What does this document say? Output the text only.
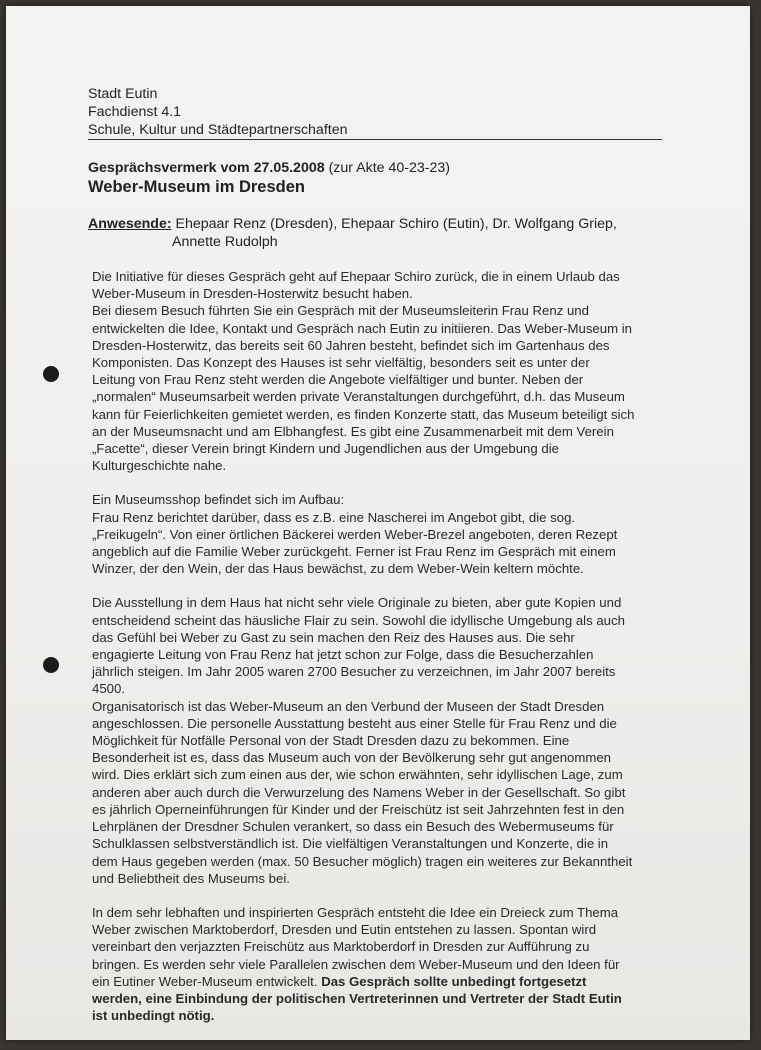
Stadt Eutin
Fachdienst 4.1
Schule, Kultur und Städtepartnerschaften
Gesprächsvermerk vom 27.05.2008 (zur Akte 40-23-23)
Weber-Museum im Dresden
Anwesende: Ehepaar Renz (Dresden), Ehepaar Schiro (Eutin), Dr. Wolfgang Griep,
Annette Rudolph

Die Initiative für dieses Gespräch geht auf Ehepaar Schiro zurück, die in einem Urlaub das

Weber-Museum in Dresden-Hosterwitz besucht haben.

Bei diesem Besuch führten Sie ein Gespräch mit der Museumsleiterin Frau Renz und

entwickelten die Idee, Kontakt und Gespräch nach Eutin zu initiieren. Das Weber-Museum in

Dresden-Hosterwitz, das bereits seit 60 Jahren besteht, befindet sich im Gartenhaus des

Komponisten. Das Konzept des Hauses ist sehr vielfältig, besonders seit es unter der

Leitung von Frau Renz steht werden die Angebote vielfältiger und bunter. Neben der

„normalen“ Museumsarbeit werden private Veranstaltungen durchgeführt, d.h. das Museum

kann für Feierlichkeiten gemietet werden, es finden Konzerte statt, das Museum beteiligt sich

an der Museumsnacht und am Elbhangfest. Es gibt eine Zusammenarbeit mit dem Verein

„Facette“, dieser Verein bringt Kindern und Jugendlichen aus der Umgebung die

Kulturgeschichte nahe.

Ein Museumsshop befindet sich im Aufbau:

Frau Renz berichtet darüber, dass es z.B. eine Nascherei im Angebot gibt, die sog.

„Freikugeln“. Von einer örtlichen Bäckerei werden Weber-Brezel angeboten, deren Rezept

angeblich auf die Familie Weber zurückgeht. Ferner ist Frau Renz im Gespräch mit einem

Winzer, der den Wein, der das Haus bewächst, zu dem Weber-Wein keltern möchte.

Die Ausstellung in dem Haus hat nicht sehr viele Originale zu bieten, aber gute Kopien und

entscheidend scheint das häusliche Flair zu sein. Sowohl die idyllische Umgebung als auch

das Gefühl bei Weber zu Gast zu sein machen den Reiz des Hauses aus. Die sehr

engagierte Leitung von Frau Renz hat jetzt schon zur Folge, dass die Besucherzahlen

jährlich steigen. Im Jahr 2005 waren 2700 Besucher zu verzeichnen, im Jahr 2007 bereits

4500.

Organisatorisch ist das Weber-Museum an den Verbund der Museen der Stadt Dresden

angeschlossen. Die personelle Ausstattung besteht aus einer Stelle für Frau Renz und die

Möglichkeit für Notfälle Personal von der Stadt Dresden dazu zu bekommen. Eine

Besonderheit ist es, dass das Museum auch von der Bevölkerung sehr gut angenommen

wird. Dies erklärt sich zum einen aus der, wie schon erwähnten, sehr idyllischen Lage, zum

anderen aber auch durch die Verwurzelung des Namens Weber in der Gesellschaft. So gibt

es jährlich Operneinführungen für Kinder und der Freischütz ist seit Jahrzehnten fest in den

Lehrplänen der Dresdner Schulen verankert, so dass ein Besuch des Webermuseums für

Schulklassen selbstverständlich ist. Die vielfältigen Veranstaltungen und Konzerte, die in

dem Haus gegeben werden (max. 50 Besucher möglich) tragen ein weiteres zur Bekanntheit

und Beliebtheit des Museums bei.

In dem sehr lebhaften und inspirierten Gespräch entsteht die Idee ein Dreieck zum Thema

Weber zwischen Marktoberdorf, Dresden und Eutin entstehen zu lassen. Spontan wird

vereinbart den verjazzten Freischütz aus Marktoberdorf in Dresden zur Aufführung zu

bringen. Es werden sehr viele Parallelen zwischen dem Weber-Museum und den Ideen für

ein Eutiner Weber-Museum entwickelt. Das Gespräch sollte unbedingt fortgesetzt

werden, eine Einbindung der politischen Vertreterinnen und Vertreter der Stadt Eutin

ist unbedingt nötig.
